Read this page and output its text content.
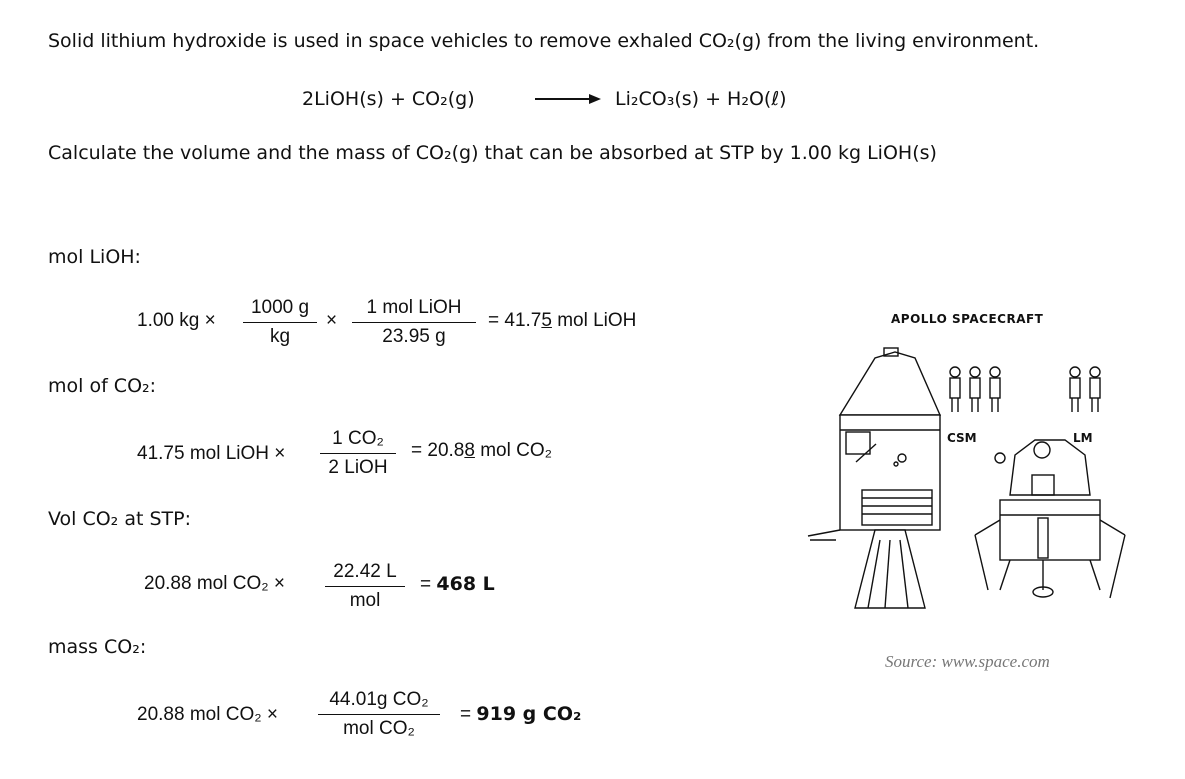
Solid lithium hydroxide is used in space vehicles to remove exhaled CO₂(g) from the living environment.
2LiOH(s) + CO₂(g)	Li₂CO₃(s) + H₂O(ℓ)
Calculate the volume and the mass of CO₂(g) that can be absorbed at STP by 1.00 kg LiOH(s)
mol LiOH:
1.00 kg × $\frac{1000 g}{kg}$ ×
1 mol LiOH
23.95 g
= 41.75 mol LiOH
mol of CO₂:
41.75 mol LiOH ×
1 CO₂
2 LiOH
= 20.88 mol CO₂
Vol CO₂ at STP:
20.88 mol CO₂ ×
22.42 L
mol
= 468 L
mass CO₂:
20.88 mol CO₂ ×
44.01g CO₂
mol CO₂
= 919 g CO₂
APOLLO SPACECRAFT
CSM	LM
Source: www.space.com
